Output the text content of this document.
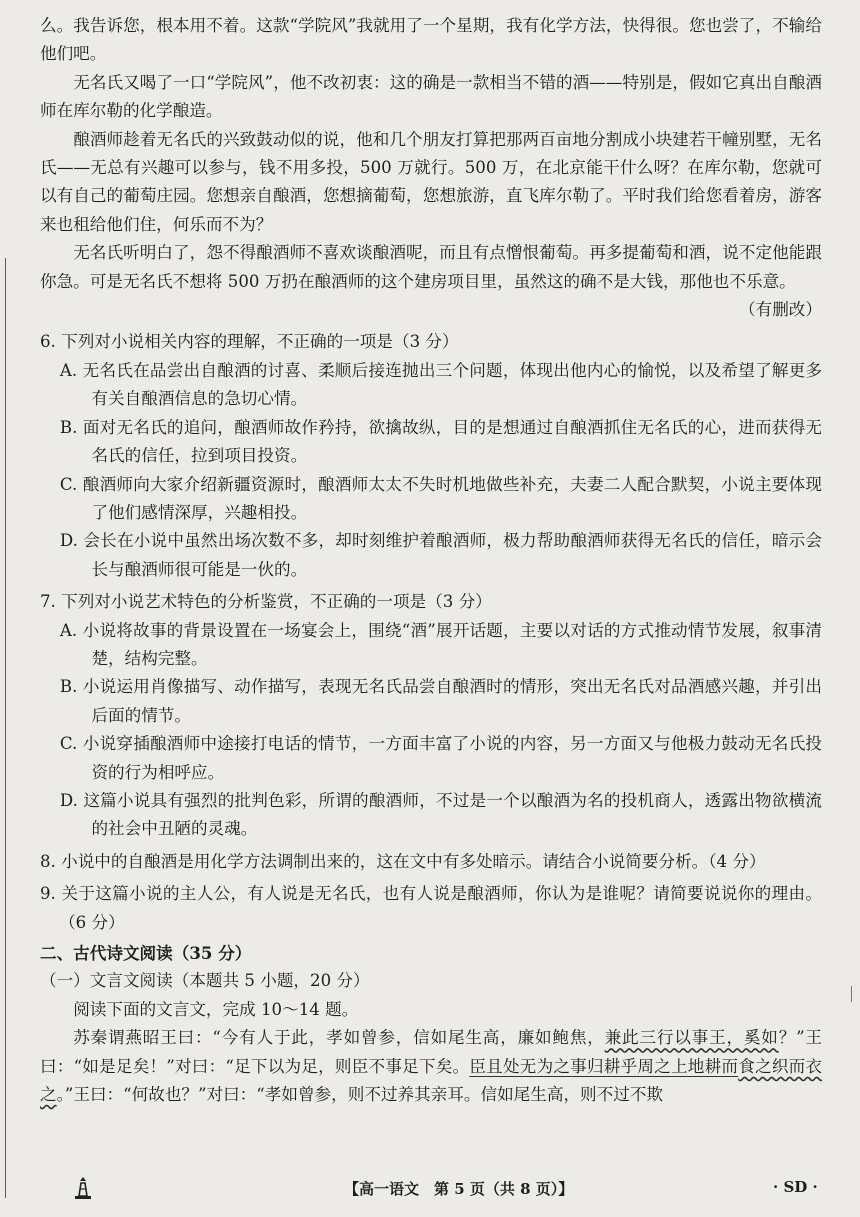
么。我告诉您，根本用不着。这款“学院风”我就用了一个星期，我有化学方法，快得很。您也尝了，不输给他们吧。

无名氏又喝了一口“学院风”，他不改初衷：这的确是一款相当不错的酒——特别是，假如它真出自酿酒师在库尔勒的化学酿造。

酿酒师趁着无名氏的兴致鼓动似的说，他和几个朋友打算把那两百亩地分割成小块建若干幢别墅，无名氏——无总有兴趣可以参与，钱不用多投，500 万就行。500 万，在北京能干什么呀？在库尔勒，您就可以有自己的葡萄庄园。您想亲自酿酒，您想摘葡萄，您想旅游，直飞库尔勒了。平时我们给您看着房，游客来也租给他们住，何乐而不为？

无名氏听明白了，怨不得酿酒师不喜欢谈酿酒呢，而且有点憎恨葡萄。再多提葡萄和酒，说不定他能跟你急。可是无名氏不想将 500 万扔在酿酒师的这个建房项目里，虽然这的确不是大钱，那他也不乐意。

（有删改）

6. 下列对小说相关内容的理解，不正确的一项是（3 分）

A. 无名氏在品尝出自酿酒的讨喜、柔顺后接连抛出三个问题，体现出他内心的愉悦，以及希望了解更多有关自酿酒信息的急切心情。

B. 面对无名氏的追问，酿酒师故作矜持，欲擒故纵，目的是想通过自酿酒抓住无名氏的心，进而获得无名氏的信任，拉到项目投资。

C. 酿酒师向大家介绍新疆资源时，酿酒师太太不失时机地做些补充，夫妻二人配合默契，小说主要体现了他们感情深厚，兴趣相投。

D. 会长在小说中虽然出场次数不多，却时刻维护着酿酒师，极力帮助酿酒师获得无名氏的信任，暗示会长与酿酒师很可能是一伙的。

7. 下列对小说艺术特色的分析鉴赏，不正确的一项是（3 分）

A. 小说将故事的背景设置在一场宴会上，围绕“酒”展开话题，主要以对话的方式推动情节发展，叙事清楚，结构完整。

B. 小说运用肖像描写、动作描写，表现无名氏品尝自酿酒时的情形，突出无名氏对品酒感兴趣，并引出后面的情节。

C. 小说穿插酿酒师中途接打电话的情节，一方面丰富了小说的内容，另一方面又与他极力鼓动无名氏投资的行为相呼应。

D. 这篇小说具有强烈的批判色彩，所谓的酿酒师，不过是一个以酿酒为名的投机商人，透露出物欲横流的社会中丑陋的灵魂。

8. 小说中的自酿酒是用化学方法调制出来的，这在文中有多处暗示。请结合小说简要分析。（4 分）

9. 关于这篇小说的主人公，有人说是无名氏，也有人说是酿酒师，你认为是谁呢？请简要说说你的理由。（6 分）

二、古代诗文阅读（35 分）

（一）文言文阅读（本题共 5 小题，20 分）

阅读下面的文言文，完成 10～14 题。

苏秦谓燕昭王曰：“今有人于此，孝如曾参，信如尾生高，廉如鲍焦，兼此三行以事王，奚如？”王曰：“如是足矣！”对曰：“足下以为足，则臣不事足下矣。臣且处无为之事归耕乎周之上地耕而食之织而衣之。”王曰：“何故也？”对曰：“孝如曾参，则不过养其亲耳。信如尾生高，则不过不欺

【高一语文　第 5 页（共 8 页）】	· SD ·
